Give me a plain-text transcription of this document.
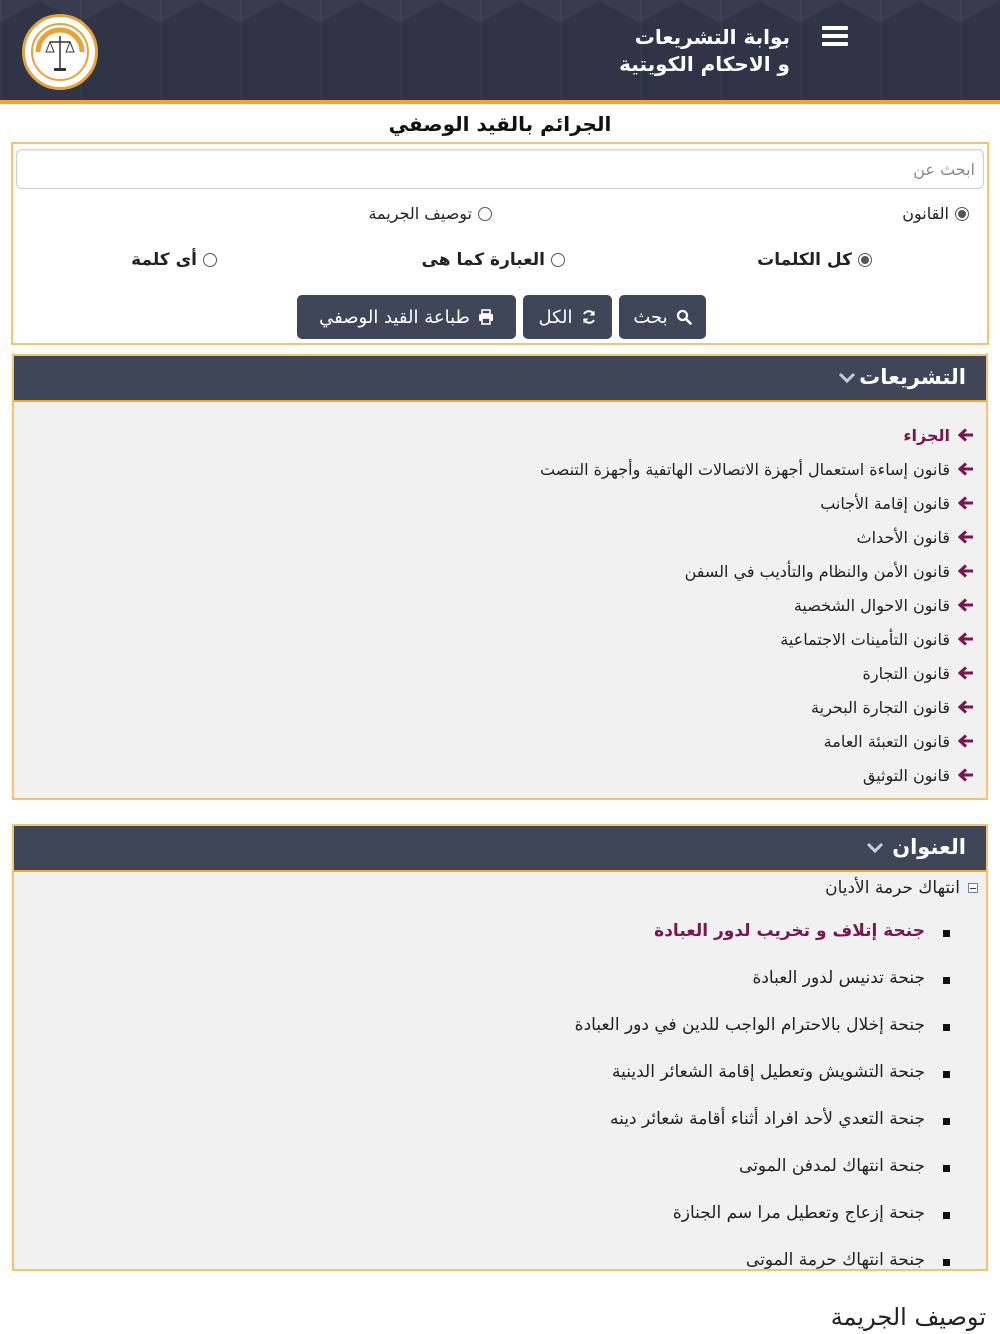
بوابة التشريعات
و الاحكام الكويتية
الجرائم بالقيد الوصفي
ابحث عن
القانون
توصيف الجريمة
كل الكلمات
العبارة كما هى
أى كلمة
بحث
الكل
طباعة القيد الوصفي
التشريعات
الجزاء
قانون إساءة استعمال أجهزة الاتصالات الهاتفية وأجهزة التنصت
قانون إقامة الأجانب
قانون الأحداث
قانون الأمن والنظام والتأديب في السفن
قانون الاحوال الشخصية
قانون التأمينات الاجتماعية
قانون التجارة
قانون التجارة البحرية
قانون التعبئة العامة
قانون التوثيق
العنوان
انتهاك حرمة الأديان
جنحة إتلاف و تخريب لدور العبادة
جنحة تدنيس لدور العبادة
جنحة إخلال بالاحترام الواجب للدين في دور العبادة
جنحة التشويش وتعطيل إقامة الشعائر الدينية
جنحة التعدي لأحد افراد أثناء أقامة شعائر دينه
جنحة انتهاك لمدفن الموتى
جنحة إزعاج وتعطيل مرا سم الجنازة
جنحة انتهاك حرمة الموتى
توصيف الجريمة
